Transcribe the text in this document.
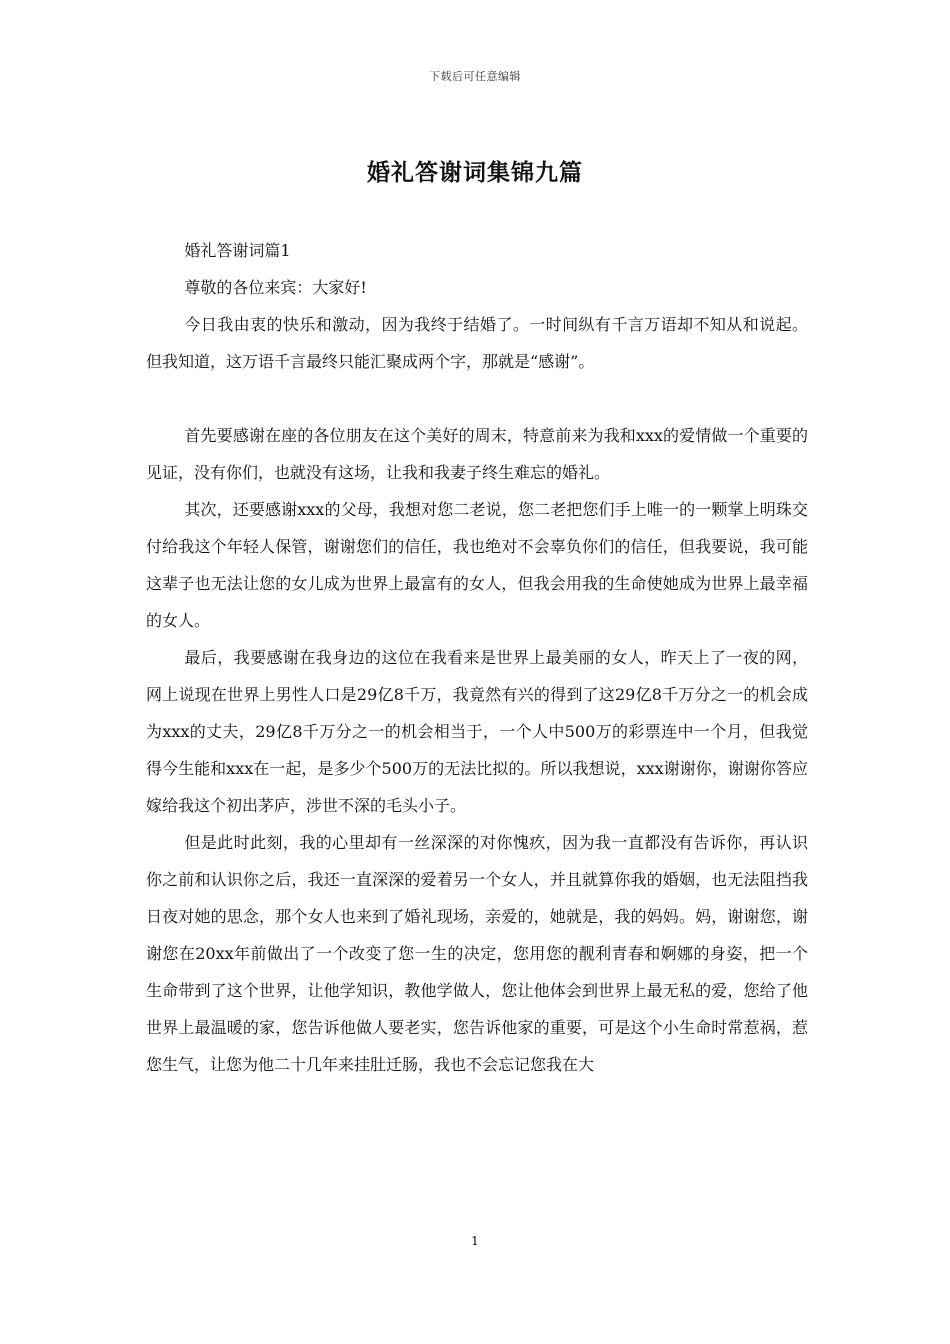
下载后可任意编辑
婚礼答谢词集锦九篇

婚礼答谢词篇1

尊敬的各位来宾：大家好!

今日我由衷的快乐和激动，因为我终于结婚了。一时间纵有千言万语却不知从和说起。但我知道，这万语千言最终只能汇聚成两个字，那就是“感谢”。

首先要感谢在座的各位朋友在这个美好的周末，特意前来为我和xxx的爱情做一个重要的见证，没有你们，也就没有这场，让我和我妻子终生难忘的婚礼。

其次，还要感谢xxx的父母，我想对您二老说，您二老把您们手上唯一的一颗掌上明珠交付给我这个年轻人保管，谢谢您们的信任，我也绝对不会辜负你们的信任，但我要说，我可能这辈子也无法让您的女儿成为世界上最富有的女人，但我会用我的生命使她成为世界上最幸福的女人。

最后，我要感谢在我身边的这位在我看来是世界上最美丽的女人，昨天上了一夜的网，网上说现在世界上男性人口是29亿8千万，我竟然有兴的得到了这29亿8千万分之一的机会成为xxx的丈夫，29亿8千万分之一的机会相当于，一个人中500万的彩票连中一个月，但我觉得今生能和xxx在一起，是多少个500万的无法比拟的。所以我想说，xxx谢谢你，谢谢你答应嫁给我这个初出茅庐，涉世不深的毛头小子。

但是此时此刻，我的心里却有一丝深深的对你愧疚，因为我一直都没有告诉你，再认识你之前和认识你之后，我还一直深深的爱着另一个女人，并且就算你我的婚姻，也无法阻挡我日夜对她的思念，那个女人也来到了婚礼现场，亲爱的，她就是，我的妈妈。妈，谢谢您，谢谢您在20xx年前做出了一个改变了您一生的决定，您用您的靓利青春和婀娜的身姿，把一个生命带到了这个世界，让他学知识，教他学做人，您让他体会到世界上最无私的爱，您给了他世界上最温暖的家，您告诉他做人要老实，您告诉他家的重要，可是这个小生命时常惹祸，惹您生气，让您为他二十几年来挂肚迁肠，我也不会忘记您我在大

1
